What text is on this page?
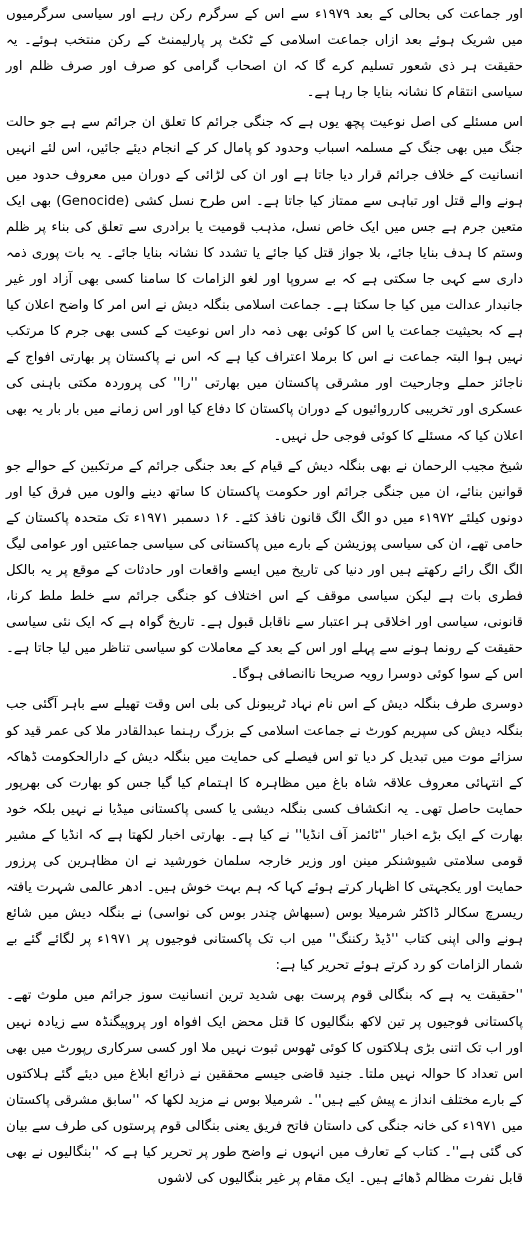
اور جماعت کی بحالی کے بعد ۱۹۷۹ء سے اس کے سرگرم رکن رہے اور سیاسی سرگرمیوں میں شریک ہوئے بعد ازاں جماعت اسلامی کے ٹکٹ پر پارلیمنٹ کے رکن منتخب ہوئے۔ یہ حقیقت ہر ذی شعور تسلیم کرے گا کہ ان اصحاب گرامی کو صرف اور صرف ظلم اور سیاسی انتقام کا نشانہ بنایا جا رہا ہے۔

اس مسئلے کی اصل نوعیت پچھ یوں ہے کہ جنگی جرائم کا تعلق ان جرائم سے ہے جو حالت جنگ میں بھی جنگ کے مسلمہ اسباب وحدود کو پامال کر کے انجام دیئے جائیں، اس لئے انہیں انسانیت کے خلاف جرائم قرار دیا جاتا ہے اور ان کی لڑائی کے دوران میں معروف حدود میں ہونے والے قتل اور تباہی سے ممتاز کیا جاتا ہے۔ اس طرح نسل کشی (Genocide) بھی ایک متعین جرم ہے جس میں ایک خاص نسل، مذہب قومیت یا برادری سے تعلق کی بناء پر ظلم وستم کا ہدف بنایا جائے، بلا جواز قتل کیا جائے یا تشدد کا نشانہ بنایا جائے۔ یہ بات پوری ذمہ داری سے کہی جا سکتی ہے کہ بے سروپا اور لغو الزامات کا سامنا کسی بھی آزاد اور غیر جانبدار عدالت میں کیا جا سکتا ہے۔ جماعت اسلامی بنگلہ دیش نے اس امر کا واضح اعلان کیا ہے کہ بحیثیت جماعت یا اس کا کوئی بھی ذمہ دار اس نوعیت کے کسی بھی جرم کا مرتکب نہیں ہوا البتہ جماعت نے اس کا برملا اعتراف کیا ہے کہ اس نے پاکستان پر بھارتی افواج کے ناجائز حملے وجارحیت اور مشرقی پاکستان میں بھارتی ''را'' کی پروردہ مکتی باہنی کی عسکری اور تخریبی کارروائیوں کے دوران پاکستان کا دفاع کیا اور اس زمانے میں بار بار یہ بھی اعلان کیا کہ مسئلے کا کوئی فوجی حل نہیں۔

شیخ مجیب الرحمان نے بھی بنگلہ دیش کے قیام کے بعد جنگی جرائم کے مرتکبین کے حوالے جو قوانین بنائے، ان میں جنگی جرائم اور حکومت پاکستان کا ساتھ دینے والوں میں فرق کیا اور دونوں کیلئے ۱۹۷۲ء میں دو الگ الگ قانون نافذ کئے۔ ۱۶ دسمبر ۱۹۷۱ء تک متحدہ پاکستان کے حامی تھے، ان کی سیاسی پوزیشن کے بارے میں پاکستانی کی سیاسی جماعتیں اور عوامی لیگ الگ الگ رائے رکھتے ہیں اور دنیا کی تاریخ میں ایسے واقعات اور حادثات کے موقع پر یہ بالکل فطری بات ہے لیکن سیاسی موقف کے اس اختلاف کو جنگی جرائم سے خلط ملط کرنا، قانونی، سیاسی اور اخلاقی ہر اعتبار سے ناقابل قبول ہے۔ تاریخ گواہ ہے کہ ایک نئی سیاسی حقیقت کے رونما ہونے سے پہلے اور اس کے بعد کے معاملات کو سیاسی تناظر میں لیا جاتا ہے۔ اس کے سوا کوئی دوسرا رویہ صریحا ناانصافی ہوگا۔

دوسری طرف بنگلہ دیش کے اس نام نہاد ٹریبونل کی بلی اس وقت تھیلے سے باہر آگئی جب بنگلہ دیش کی سپریم کورٹ نے جماعت اسلامی کے بزرگ رہنما عبدالقادر ملا کی عمر قید کو سزائے موت میں تبدیل کر دیا تو اس فیصلے کی حمایت میں بنگلہ دیش کے دارالحکومت ڈھاکہ کے انتہائی معروف علاقہ شاہ باغ میں مظاہرہ کا اہتمام کیا گیا جس کو بھارت کی بھرپور حمایت حاصل تھی۔ یہ انکشاف کسی بنگلہ دیشی یا کسی پاکستانی میڈیا نے نہیں بلکہ خود بھارت کے ایک بڑے اخبار ''ٹائمز آف انڈیا'' نے کیا ہے۔ بھارتی اخبار لکھتا ہے کہ انڈیا کے مشیر قومی سلامتی شیوشنکر مینن اور وزیر خارجہ سلمان خورشید نے ان مظاہرین کی پرزور حمایت اور یکجہتی کا اظہار کرتے ہوئے کہا کہ ہم بہت خوش ہیں۔ ادھر عالمی شہرت یافتہ ریسرچ سکالر ڈاکٹر شرمیلا بوس (سبھاش چندر بوس کی نواسی) نے بنگلہ دیش میں شائع ہونے والی اپنی کتاب ''ڈیڈ رکننگ'' میں اب تک پاکستانی فوجیوں پر ۱۹۷۱ء پر لگائے گئے بے شمار الزامات کو رد کرتے ہوئے تحریر کیا ہے:

''حقیقت یہ ہے کہ بنگالی قوم پرست بھی شدید ترین انسانیت سوز جرائم میں ملوث تھے۔ پاکستانی فوجیوں پر تین لاکھ بنگالیوں کا قتل محض ایک افواہ اور پروپیگنڈہ سے زیادہ نہیں اور اب تک اتنی بڑی ہلاکتوں کا کوئی ٹھوس ثبوت نہیں ملا اور کسی سرکاری رپورٹ میں بھی اس تعداد کا حوالہ نہیں ملتا۔ جنید قاضی جیسے محققین نے ذرائع ابلاغ میں دیئے گئے ہلاکتوں کے بارے مختلف انداز ے پیش کیے ہیں''۔ شرمیلا بوس نے مزید لکھا کہ ''سابق مشرقی پاکستان میں ۱۹۷۱ء کی خانہ جنگی کی داستان فاتح فریق یعنی بنگالی قوم پرستوں کی طرف سے بیان کی گئی ہے''۔ کتاب کے تعارف میں انہوں نے واضح طور پر تحریر کیا ہے کہ ''بنگالیوں نے بھی قابل نفرت مظالم ڈھائے ہیں۔ ایک مقام پر غیر بنگالیوں کی لاشوں
